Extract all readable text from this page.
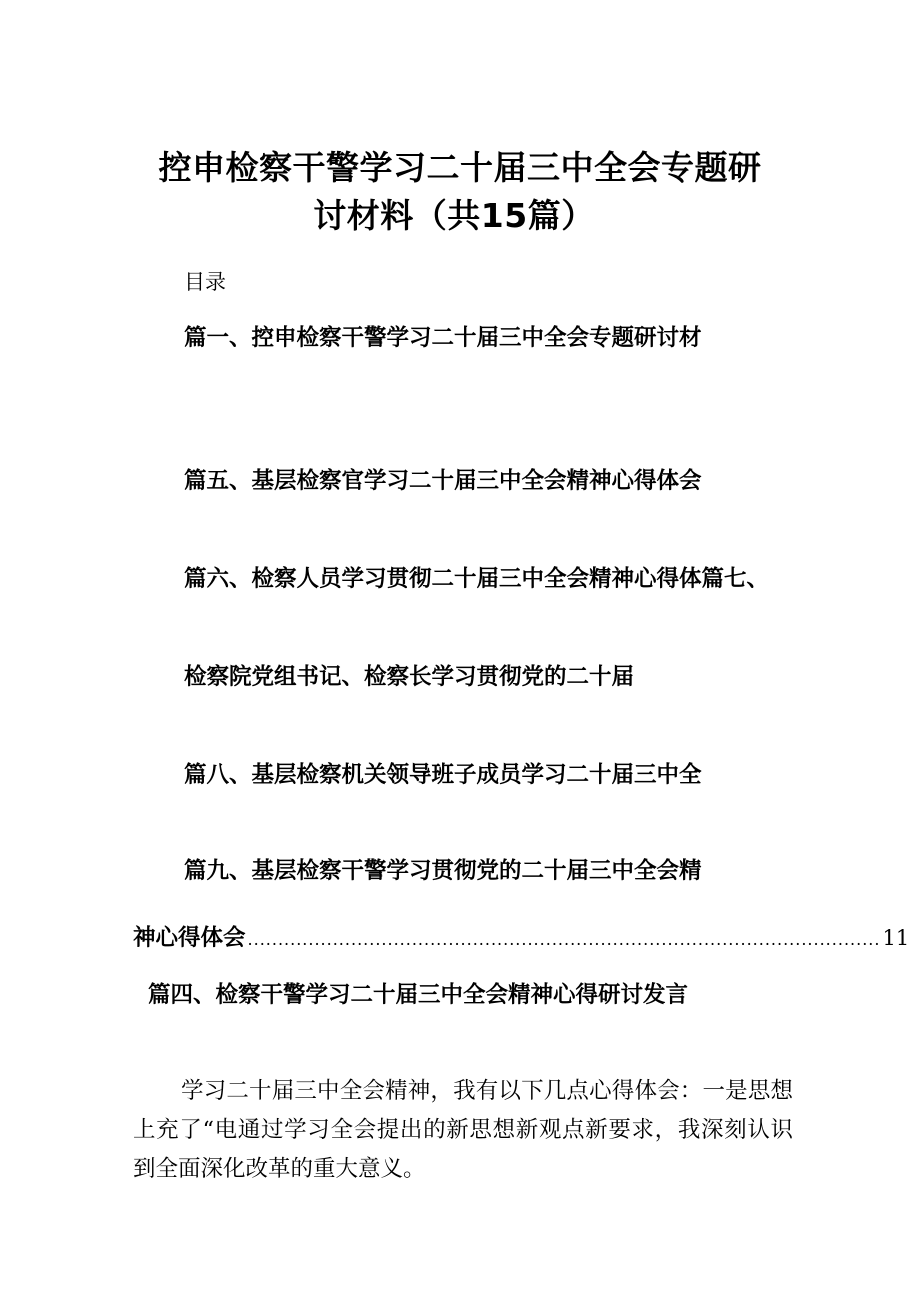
控申检察干警学习二十届三中全会专题研
讨材料（共15篇）
目录
篇一、控申检察干警学习二十届三中全会专题研讨材
篇五、基层检察官学习二十届三中全会精神心得体会
篇六、检察人员学习贯彻二十届三中全会精神心得体篇七、
检察院党组书记、检察长学习贯彻党的二十届
篇八、基层检察机关领导班子成员学习二十届三中全
篇九、基层检察干警学习贯彻党的二十届三中全会精
神心得体会 ........................................................................................................ 11
篇四、检察干警学习二十届三中全会精神心得研讨发言
学习二十届三中全会精神，我有以下几点心得体会：一是思想上充了“电通过学习全会提出的新思想新观点新要求，我深刻认识到全面深化改革的重大意义。
